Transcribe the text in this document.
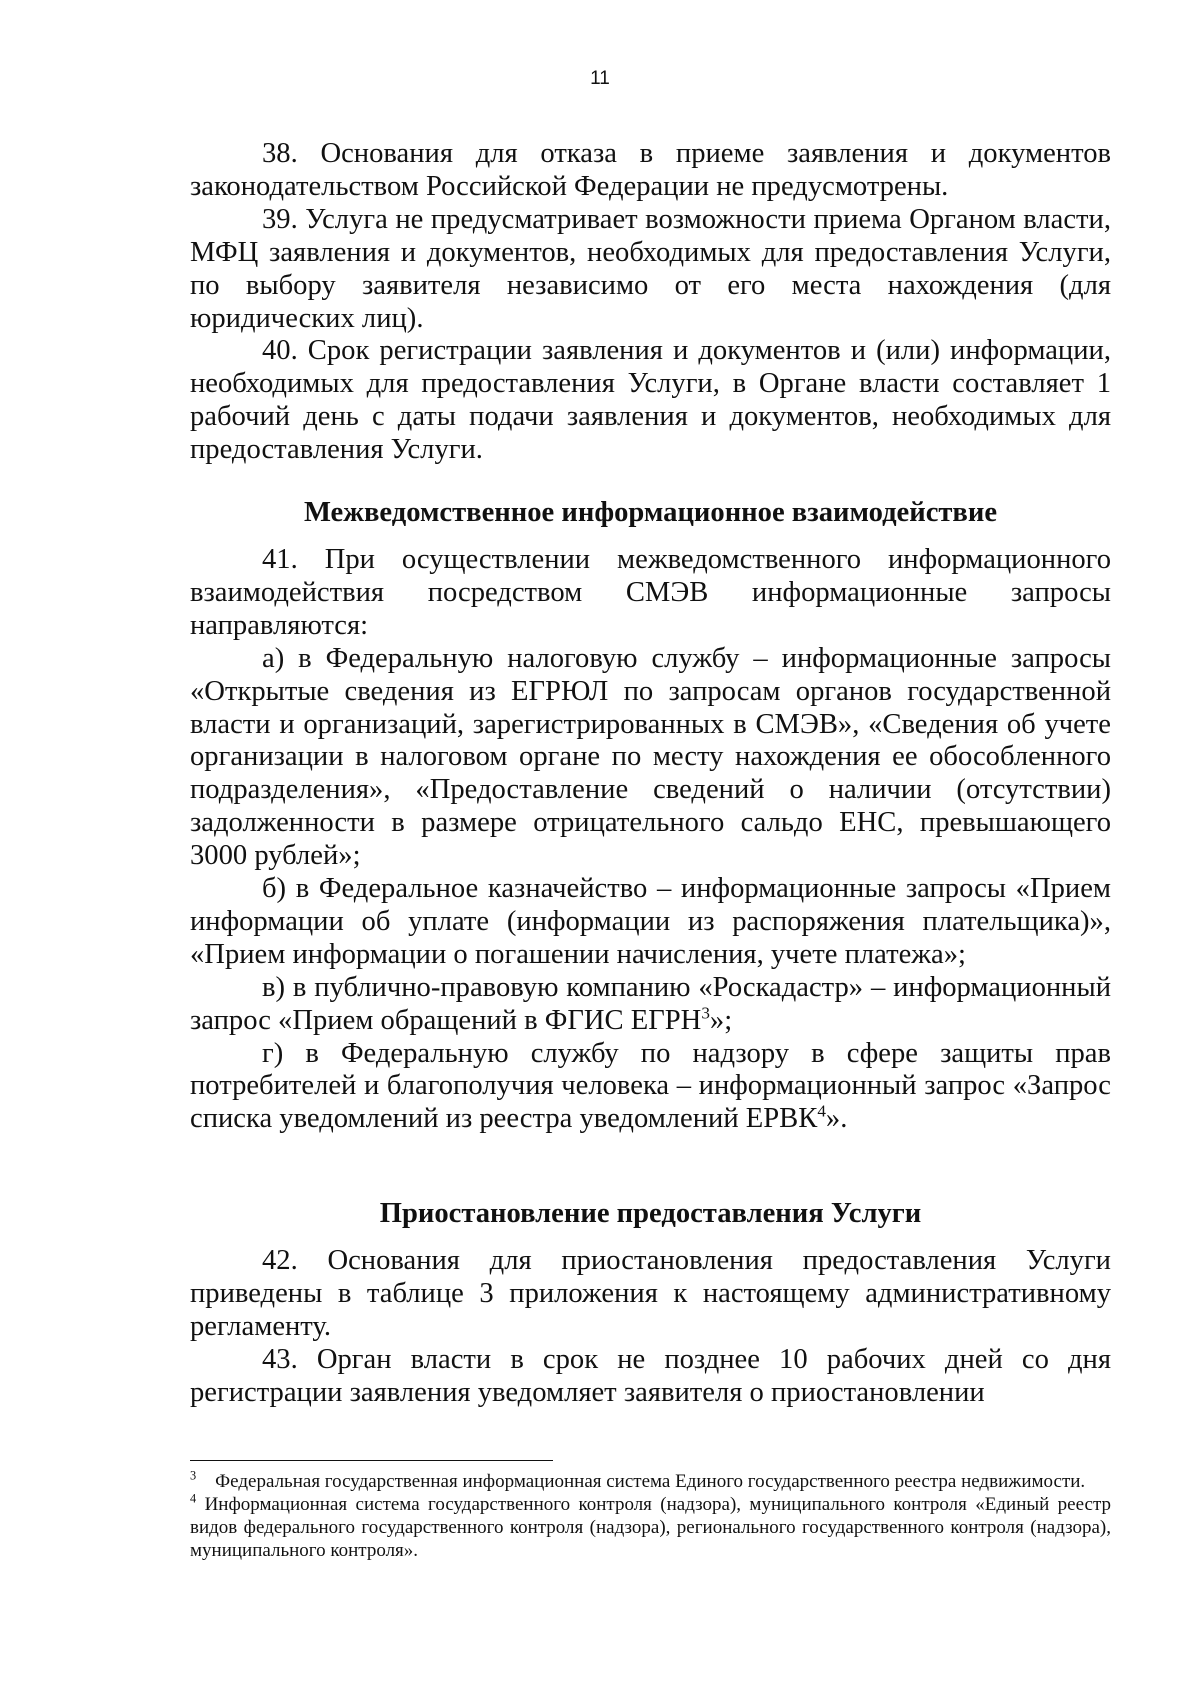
11

38. Основания для отказа в приеме заявления и документов законодательством Российской Федерации не предусмотрены.

39. Услуга не предусматривает возможности приема Органом власти, МФЦ заявления и документов, необходимых для предоставления Услуги, по выбору заявителя независимо от его места нахождения (для юридических лиц).

40. Срок регистрации заявления и документов и (или) информации, необходимых для предоставления Услуги, в Органе власти составляет 1 рабочий день с даты подачи заявления и документов, необходимых для предоставления Услуги.

Межведомственное информационное взаимодействие

41. При осуществлении межведомственного информационного взаимодействия посредством СМЭВ информационные запросы направляются:

а) в Федеральную налоговую службу – информационные запросы «Открытые сведения из ЕГРЮЛ по запросам органов государственной власти и организаций, зарегистрированных в СМЭВ», «Сведения об учете организации в налоговом органе по месту нахождения ее обособленного подразделения», «Предоставление сведений о наличии (отсутствии) задолженности в размере отрицательного сальдо ЕНС, превышающего 3000 рублей»;

б) в Федеральное казначейство – информационные запросы «Прием информации об уплате (информации из распоряжения плательщика)», «Прием информации о погашении начисления, учете платежа»;

в) в публично-правовую компанию «Роскадастр» – информационный запрос «Прием обращений в ФГИС ЕГРН$^3$»;

г) в Федеральную службу по надзору в сфере защиты прав потребителей и благополучия человека – информационный запрос «Запрос списка уведомлений из реестра уведомлений ЕРВК$^4$».

Приостановление предоставления Услуги

42. Основания для приостановления предоставления Услуги приведены в таблице 3 приложения к настоящему административному регламенту.

43. Орган власти в срок не позднее 10 рабочих дней со дня регистрации заявления уведомляет заявителя о приостановлении

$^3$ Федеральная государственная информационная система Единого государственного реестра недвижимости.

$^4$ Информационная система государственного контроля (надзора), муниципального контроля «Единый реестр видов федерального государственного контроля (надзора), регионального государственного контроля (надзора), муниципального контроля».
